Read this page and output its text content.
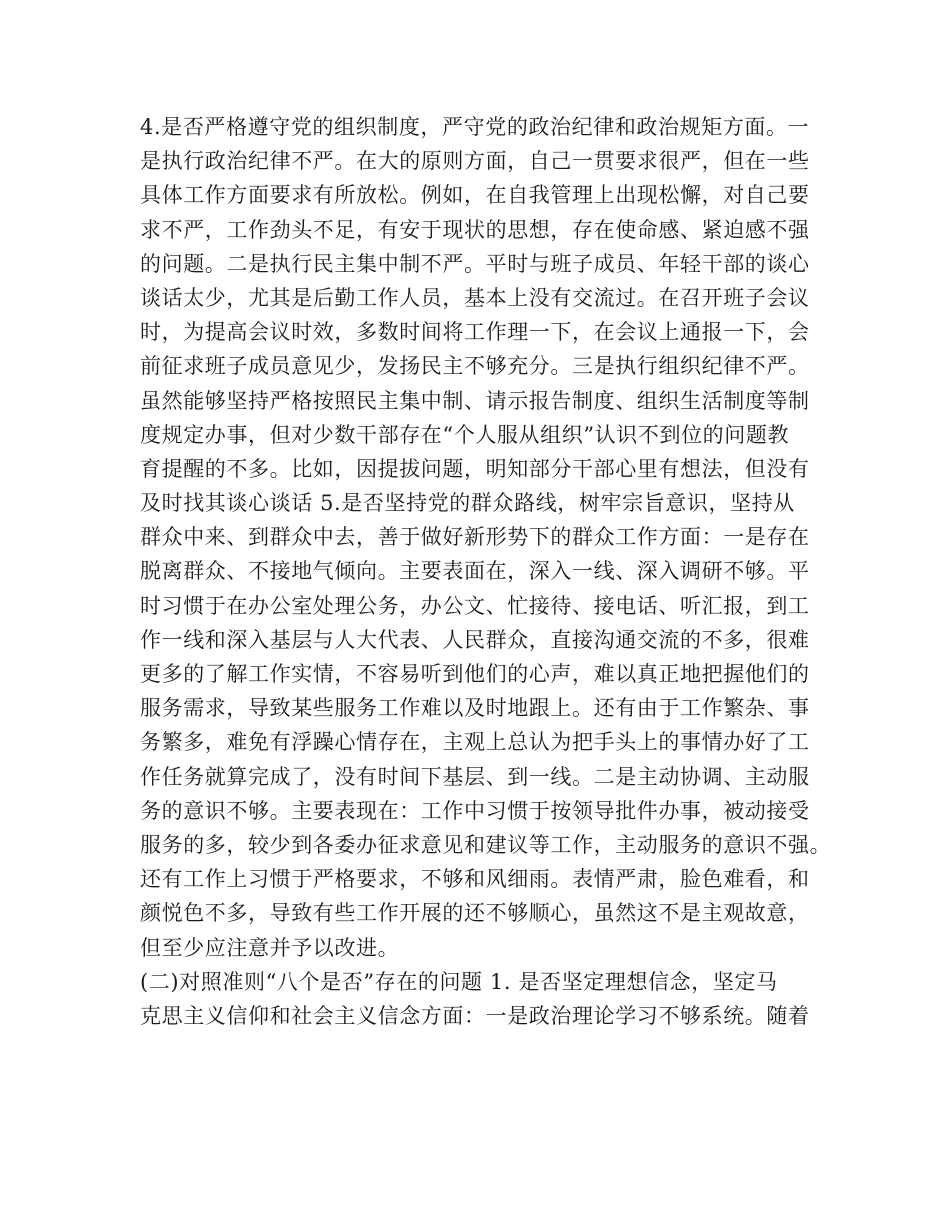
4.是否严格遵守党的组织制度，严守党的政治纪律和政治规矩方面。一
是执行政治纪律不严。在大的原则方面，自己一贯要求很严，但在一些
具体工作方面要求有所放松。例如，在自我管理上出现松懈，对自己要
求不严，工作劲头不足，有安于现状的思想，存在使命感、紧迫感不强
的问题。二是执行民主集中制不严。平时与班子成员、年轻干部的谈心
谈话太少，尤其是后勤工作人员，基本上没有交流过。在召开班子会议
时，为提高会议时效，多数时间将工作理一下，在会议上通报一下，会
前征求班子成员意见少，发扬民主不够充分。三是执行组织纪律不严。
虽然能够坚持严格按照民主集中制、请示报告制度、组织生活制度等制
度规定办事，但对少数干部存在“个人服从组织”认识不到位的问题教
育提醒的不多。比如，因提拔问题，明知部分干部心里有想法，但没有
及时找其谈心谈话 5.是否坚持党的群众路线，树牢宗旨意识，坚持从
群众中来、到群众中去，善于做好新形势下的群众工作方面：一是存在
脱离群众、不接地气倾向。主要表面在，深入一线、深入调研不够。平
时习惯于在办公室处理公务，办公文、忙接待、接电话、听汇报，到工
作一线和深入基层与人大代表、人民群众，直接沟通交流的不多，很难
更多的了解工作实情，不容易听到他们的心声，难以真正地把握他们的
服务需求，导致某些服务工作难以及时地跟上。还有由于工作繁杂、事
务繁多，难免有浮躁心情存在，主观上总认为把手头上的事情办好了工
作任务就算完成了，没有时间下基层、到一线。二是主动协调、主动服
务的意识不够。主要表现在：工作中习惯于按领导批件办事，被动接受
服务的多，较少到各委办征求意见和建议等工作，主动服务的意识不强。
还有工作上习惯于严格要求，不够和风细雨。表情严肃，脸色难看，和
颜悦色不多，导致有些工作开展的还不够顺心，虽然这不是主观故意，
但至少应注意并予以改进。
(二)对照准则“八个是否”存在的问题 1. 是否坚定理想信念，坚定马
克思主义信仰和社会主义信念方面：一是政治理论学习不够系统。随着
